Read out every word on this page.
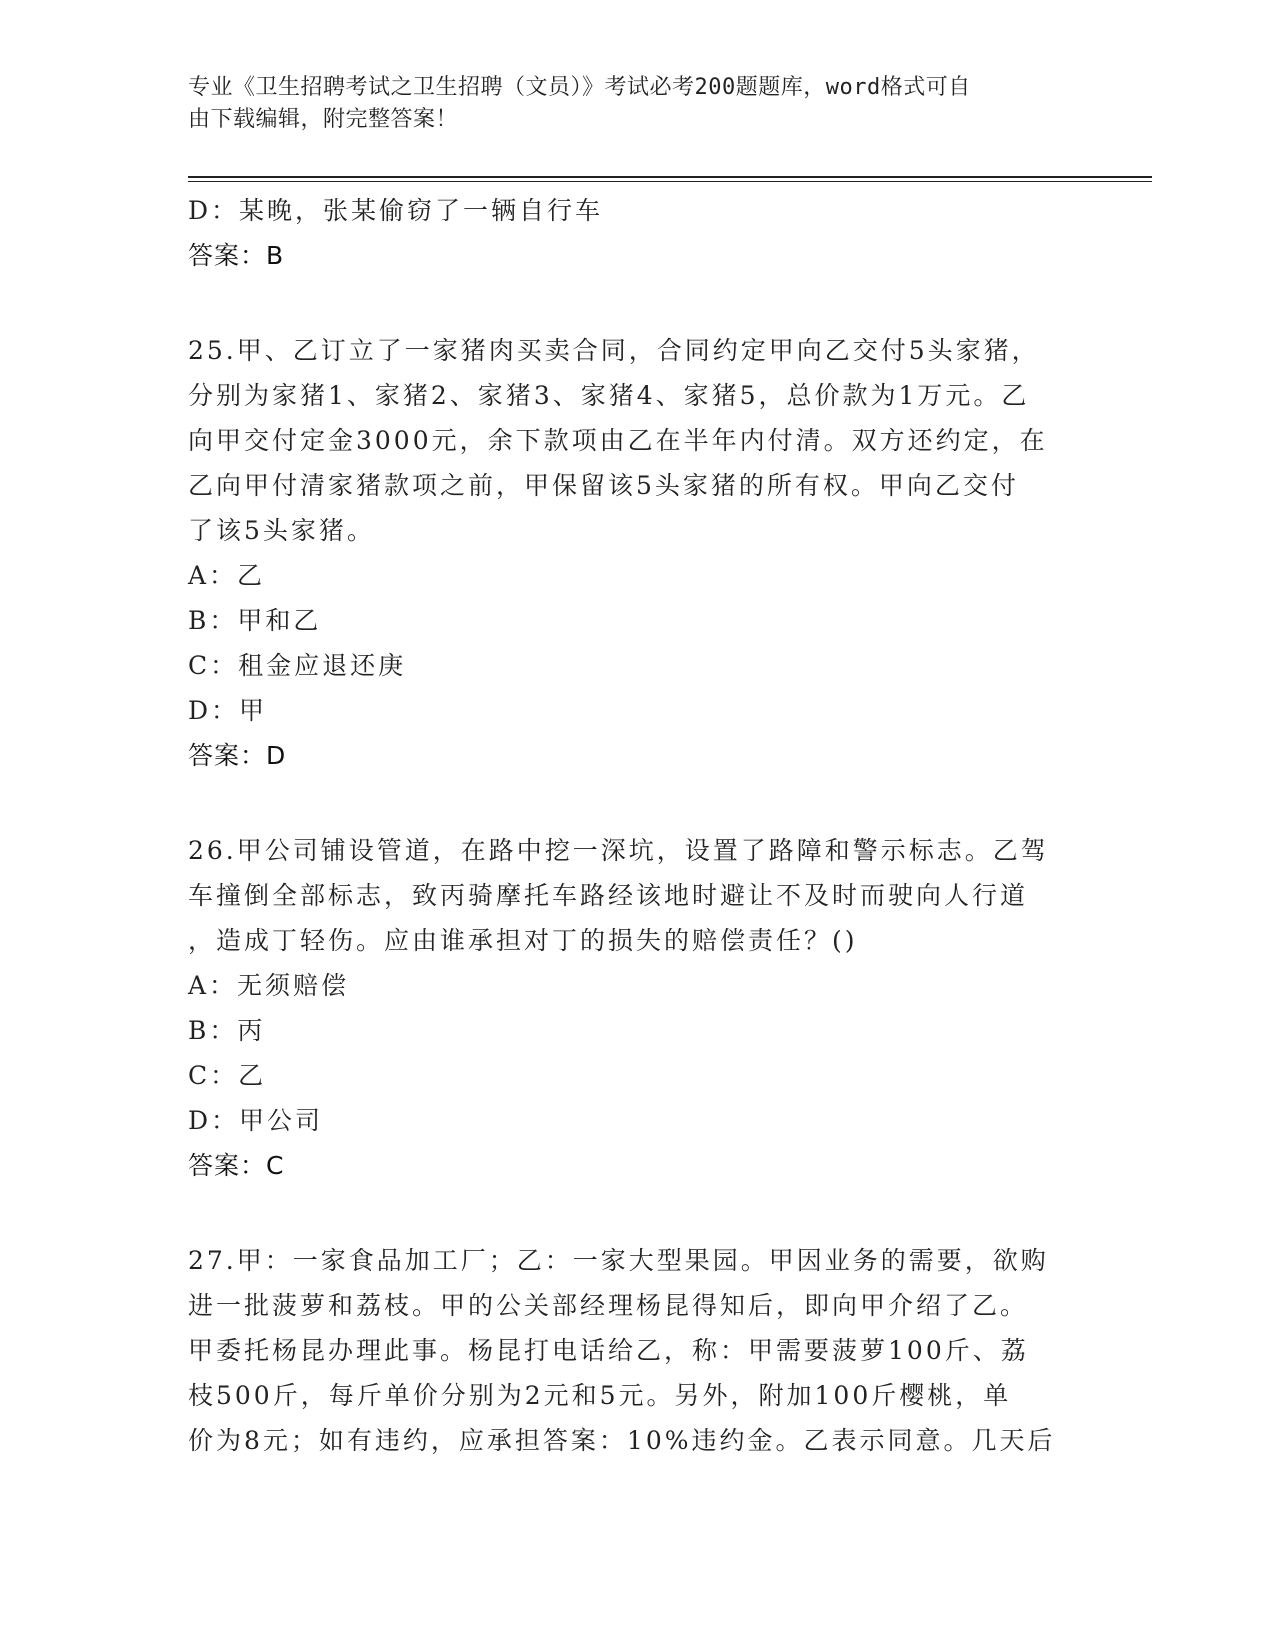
专业《卫生招聘考试之卫生招聘（文员）》考试必考200题题库，word格式可自
由下载编辑，附完整答案！
D：某晚，张某偷窃了一辆自行车
答案：B
25.甲、乙订立了一家猪肉买卖合同，合同约定甲向乙交付5头家猪，
分别为家猪1、家猪2、家猪3、家猪4、家猪5，总价款为1万元。乙
向甲交付定金3000元，余下款项由乙在半年内付清。双方还约定，在
乙向甲付清家猪款项之前，甲保留该5头家猪的所有权。甲向乙交付
了该5头家猪。
A：乙
B：甲和乙
C：租金应退还庚
D：甲
答案：D
26.甲公司铺设管道，在路中挖一深坑，设置了路障和警示标志。乙驾
车撞倒全部标志，致丙骑摩托车路经该地时避让不及时而驶向人行道
，造成丁轻伤。应由谁承担对丁的损失的赔偿责任？()
A：无须赔偿
B：丙
C：乙
D：甲公司
答案：C
27.甲：一家食品加工厂；乙：一家大型果园。甲因业务的需要，欲购
进一批菠萝和荔枝。甲的公关部经理杨昆得知后，即向甲介绍了乙。
甲委托杨昆办理此事。杨昆打电话给乙，称：甲需要菠萝100斤、荔
枝500斤，每斤单价分别为2元和5元。另外，附加100斤樱桃，单
价为8元；如有违约，应承担答案：10%违约金。乙表示同意。几天后
